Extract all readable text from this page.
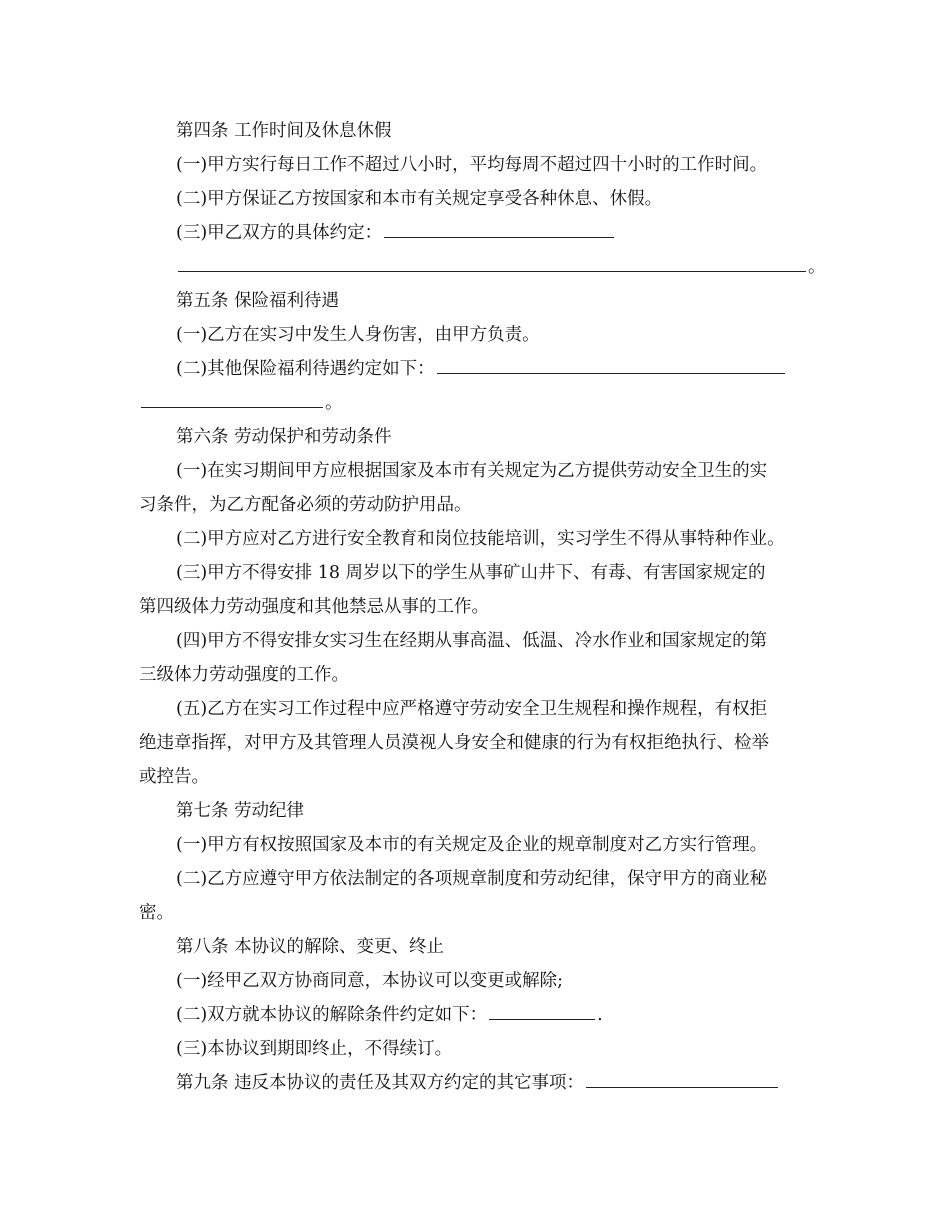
第四条 工作时间及休息休假
(一)甲方实行每日工作不超过八小时，平均每周不超过四十小时的工作时间。
(二)甲方保证乙方按国家和本市有关规定享受各种休息、休假。
(三)甲乙双方的具体约定：
。
第五条 保险福利待遇
(一)乙方在实习中发生人身伤害，由甲方负责。
(二)其他保险福利待遇约定如下：
。
第六条 劳动保护和劳动条件
(一)在实习期间甲方应根据国家及本市有关规定为乙方提供劳动安全卫生的实
习条件，为乙方配备必须的劳动防护用品。
(二)甲方应对乙方进行安全教育和岗位技能培训，实习学生不得从事特种作业。
(三)甲方不得安排 18 周岁以下的学生从事矿山井下、有毒、有害国家规定的
第四级体力劳动强度和其他禁忌从事的工作。
(四)甲方不得安排女实习生在经期从事高温、低温、冷水作业和国家规定的第
三级体力劳动强度的工作。
(五)乙方在实习工作过程中应严格遵守劳动安全卫生规程和操作规程，有权拒
绝违章指挥，对甲方及其管理人员漠视人身安全和健康的行为有权拒绝执行、检举
或控告。
第七条 劳动纪律
(一)甲方有权按照国家及本市的有关规定及企业的规章制度对乙方实行管理。
(二)乙方应遵守甲方依法制定的各项规章制度和劳动纪律，保守甲方的商业秘
密。
第八条 本协议的解除、变更、终止
(一)经甲乙双方协商同意，本协议可以变更或解除;
(二)双方就本协议的解除条件约定如下：	.
(三)本协议到期即终止，不得续订。
第九条 违反本协议的责任及其双方约定的其它事项：
